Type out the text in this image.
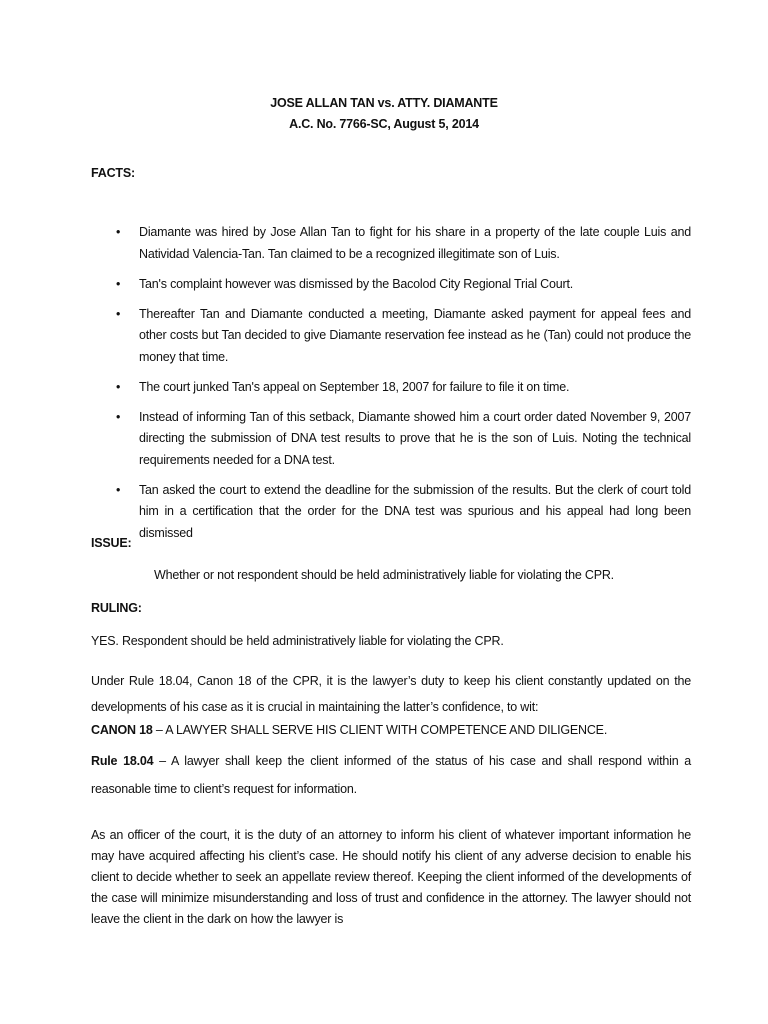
JOSE ALLAN TAN vs. ATTY. DIAMANTE
A.C. No. 7766-SC, August 5, 2014
FACTS:
• Diamante was hired by Jose Allan Tan to fight for his share in a property of the late couple Luis and Natividad Valencia-Tan. Tan claimed to be a recognized illegitimate son of Luis.
• Tan's complaint however was dismissed by the Bacolod City Regional Trial Court.
• Thereafter Tan and Diamante conducted a meeting, Diamante asked payment for appeal fees and other costs but Tan decided to give Diamante reservation fee instead as he (Tan) could not produce the money that time.
• The court junked Tan's appeal on September 18, 2007 for failure to file it on time.
• Instead of informing Tan of this setback, Diamante showed him a court order dated November 9, 2007 directing the submission of DNA test results to prove that he is the son of Luis. Noting the technical requirements needed for a DNA test.
• Tan asked the court to extend the deadline for the submission of the results. But the clerk of court told him in a certification that the order for the DNA test was spurious and his appeal had long been dismissed
ISSUE:
Whether or not respondent should be held administratively liable for violating the CPR.
RULING:
YES. Respondent should be held administratively liable for violating the CPR.
Under Rule 18.04, Canon 18 of the CPR, it is the lawyer’s duty to keep his client constantly updated on the developments of his case as it is crucial in maintaining the latter’s confidence, to wit:
CANON 18 – A LAWYER SHALL SERVE HIS CLIENT WITH COMPETENCE AND DILIGENCE.
Rule 18.04 – A lawyer shall keep the client informed of the status of his case and shall respond within a reasonable time to client’s request for information.
As an officer of the court, it is the duty of an attorney to inform his client of whatever important information he may have acquired affecting his client’s case. He should notify his client of any adverse decision to enable his client to decide whether to seek an appellate review thereof. Keeping the client informed of the developments of the case will minimize misunderstanding and loss of trust and confidence in the attorney. The lawyer should not leave the client in the dark on how the lawyer is
